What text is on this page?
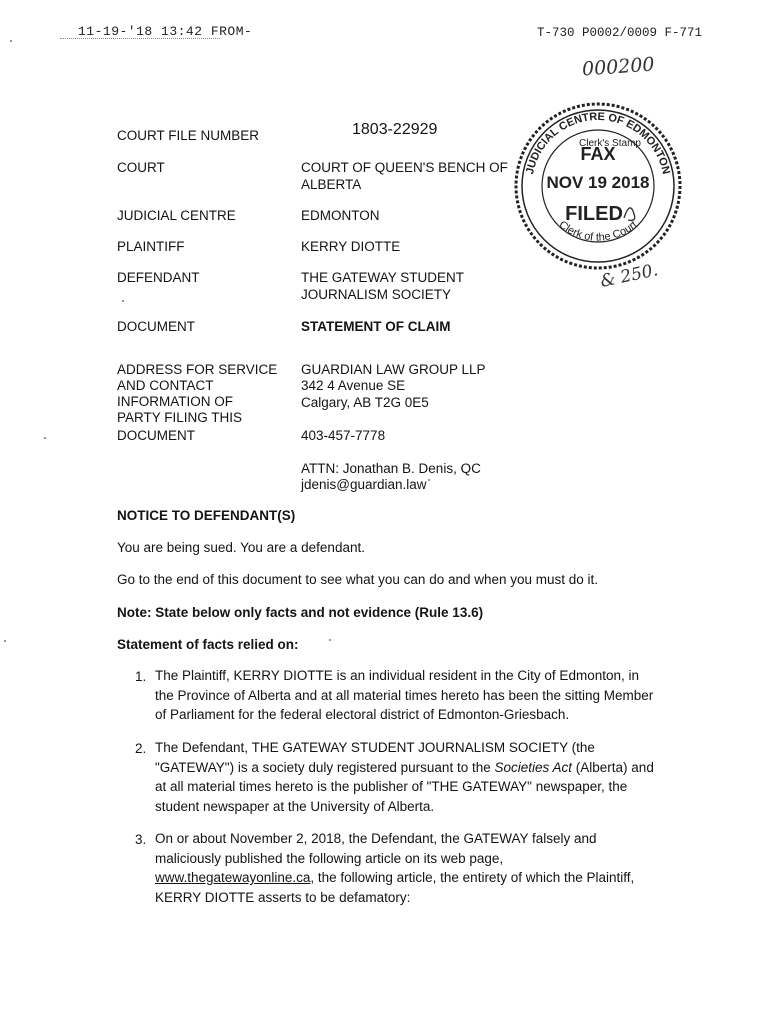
11-19-'18 13:42 FROM-	T-730 P0002/0009 F-771
000200
& 250.
JUDICIAL CENTRE OF EDMONTON
Clerk of the Court
Clerk's Stamp
FAX
NOV 19 2018
FILED
COURT FILE NUMBER	1803-22929
COURT	COURT OF QUEEN'S BENCH OF
ALBERTA
JUDICIAL CENTRE	EDMONTON
PLAINTIFF	KERRY DIOTTE
DEFENDANT	THE GATEWAY STUDENT
JOURNALISM SOCIETY
DOCUMENT	STATEMENT OF CLAIM
ADDRESS FOR SERVICE
AND CONTACT
INFORMATION OF
PARTY FILING THIS
DOCUMENT
GUARDIAN LAW GROUP LLP
342 4 Avenue SE
Calgary, AB T2G 0E5
403-457-7778
ATTN: Jonathan B. Denis, QC
jdenis@guardian.law
NOTICE TO DEFENDANT(S)
You are being sued. You are a defendant.
Go to the end of this document to see what you can do and when you must do it.
Note: State below only facts and not evidence (Rule 13.6)
Statement of facts relied on:
1. The Plaintiff, KERRY DIOTTE is an individual resident in the City of Edmonton, in
the Province of Alberta and at all material times hereto has been the sitting Member
of Parliament for the federal electoral district of Edmonton-Griesbach.
2. The Defendant, THE GATEWAY STUDENT JOURNALISM SOCIETY (the
"GATEWAY") is a society duly registered pursuant to the Societies Act (Alberta) and
at all material times hereto is the publisher of "THE GATEWAY" newspaper, the
student newspaper at the University of Alberta.
3. On or about November 2, 2018, the Defendant, the GATEWAY falsely and
maliciously published the following article on its web page,
www.thegatewayonline.ca, the following article, the entirety of which the Plaintiff,
KERRY DIOTTE asserts to be defamatory:
